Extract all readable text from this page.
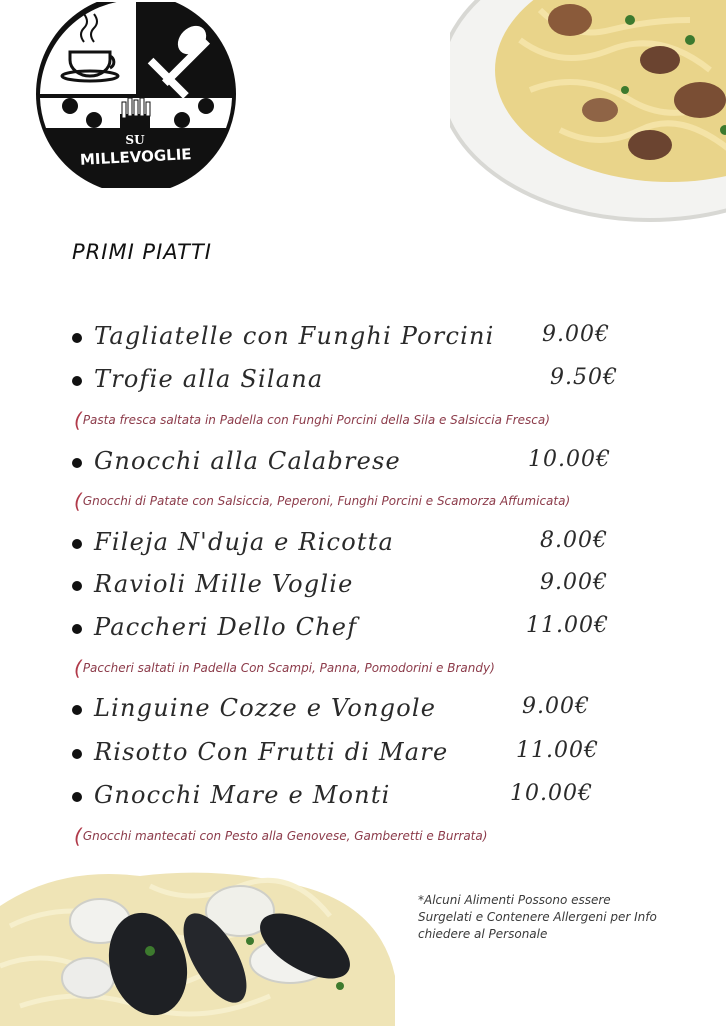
SU
MILLEVOGLIE
PRIMI PIATTI
Tagliatelle con Funghi Porcini 9.00€
Trofie alla Silana	9.50€
(Pasta fresca saltata in Padella con Funghi Porcini della Sila e Salsiccia Fresca)
Gnocchi alla Calabrese	10.00€
(Gnocchi di Patate con Salsiccia, Peperoni, Funghi Porcini e Scamorza Affumicata)
Fileja N'duja e Ricotta	8.00€
Ravioli Mille Voglie	9.00€
Paccheri Dello Chef	11.00€
(Paccheri saltati in Padella Con Scampi, Panna, Pomodorini e Brandy)
Linguine Cozze e Vongole	9.00€
Risotto Con Frutti di Mare	11.00€
Gnocchi Mare e Monti	10.00€
(Gnocchi mantecati con Pesto alla Genovese, Gamberetti e Burrata)
*Alcuni Alimenti Possono essere
Surgelati e Contenere Allergeni per Info
chiedere al Personale
